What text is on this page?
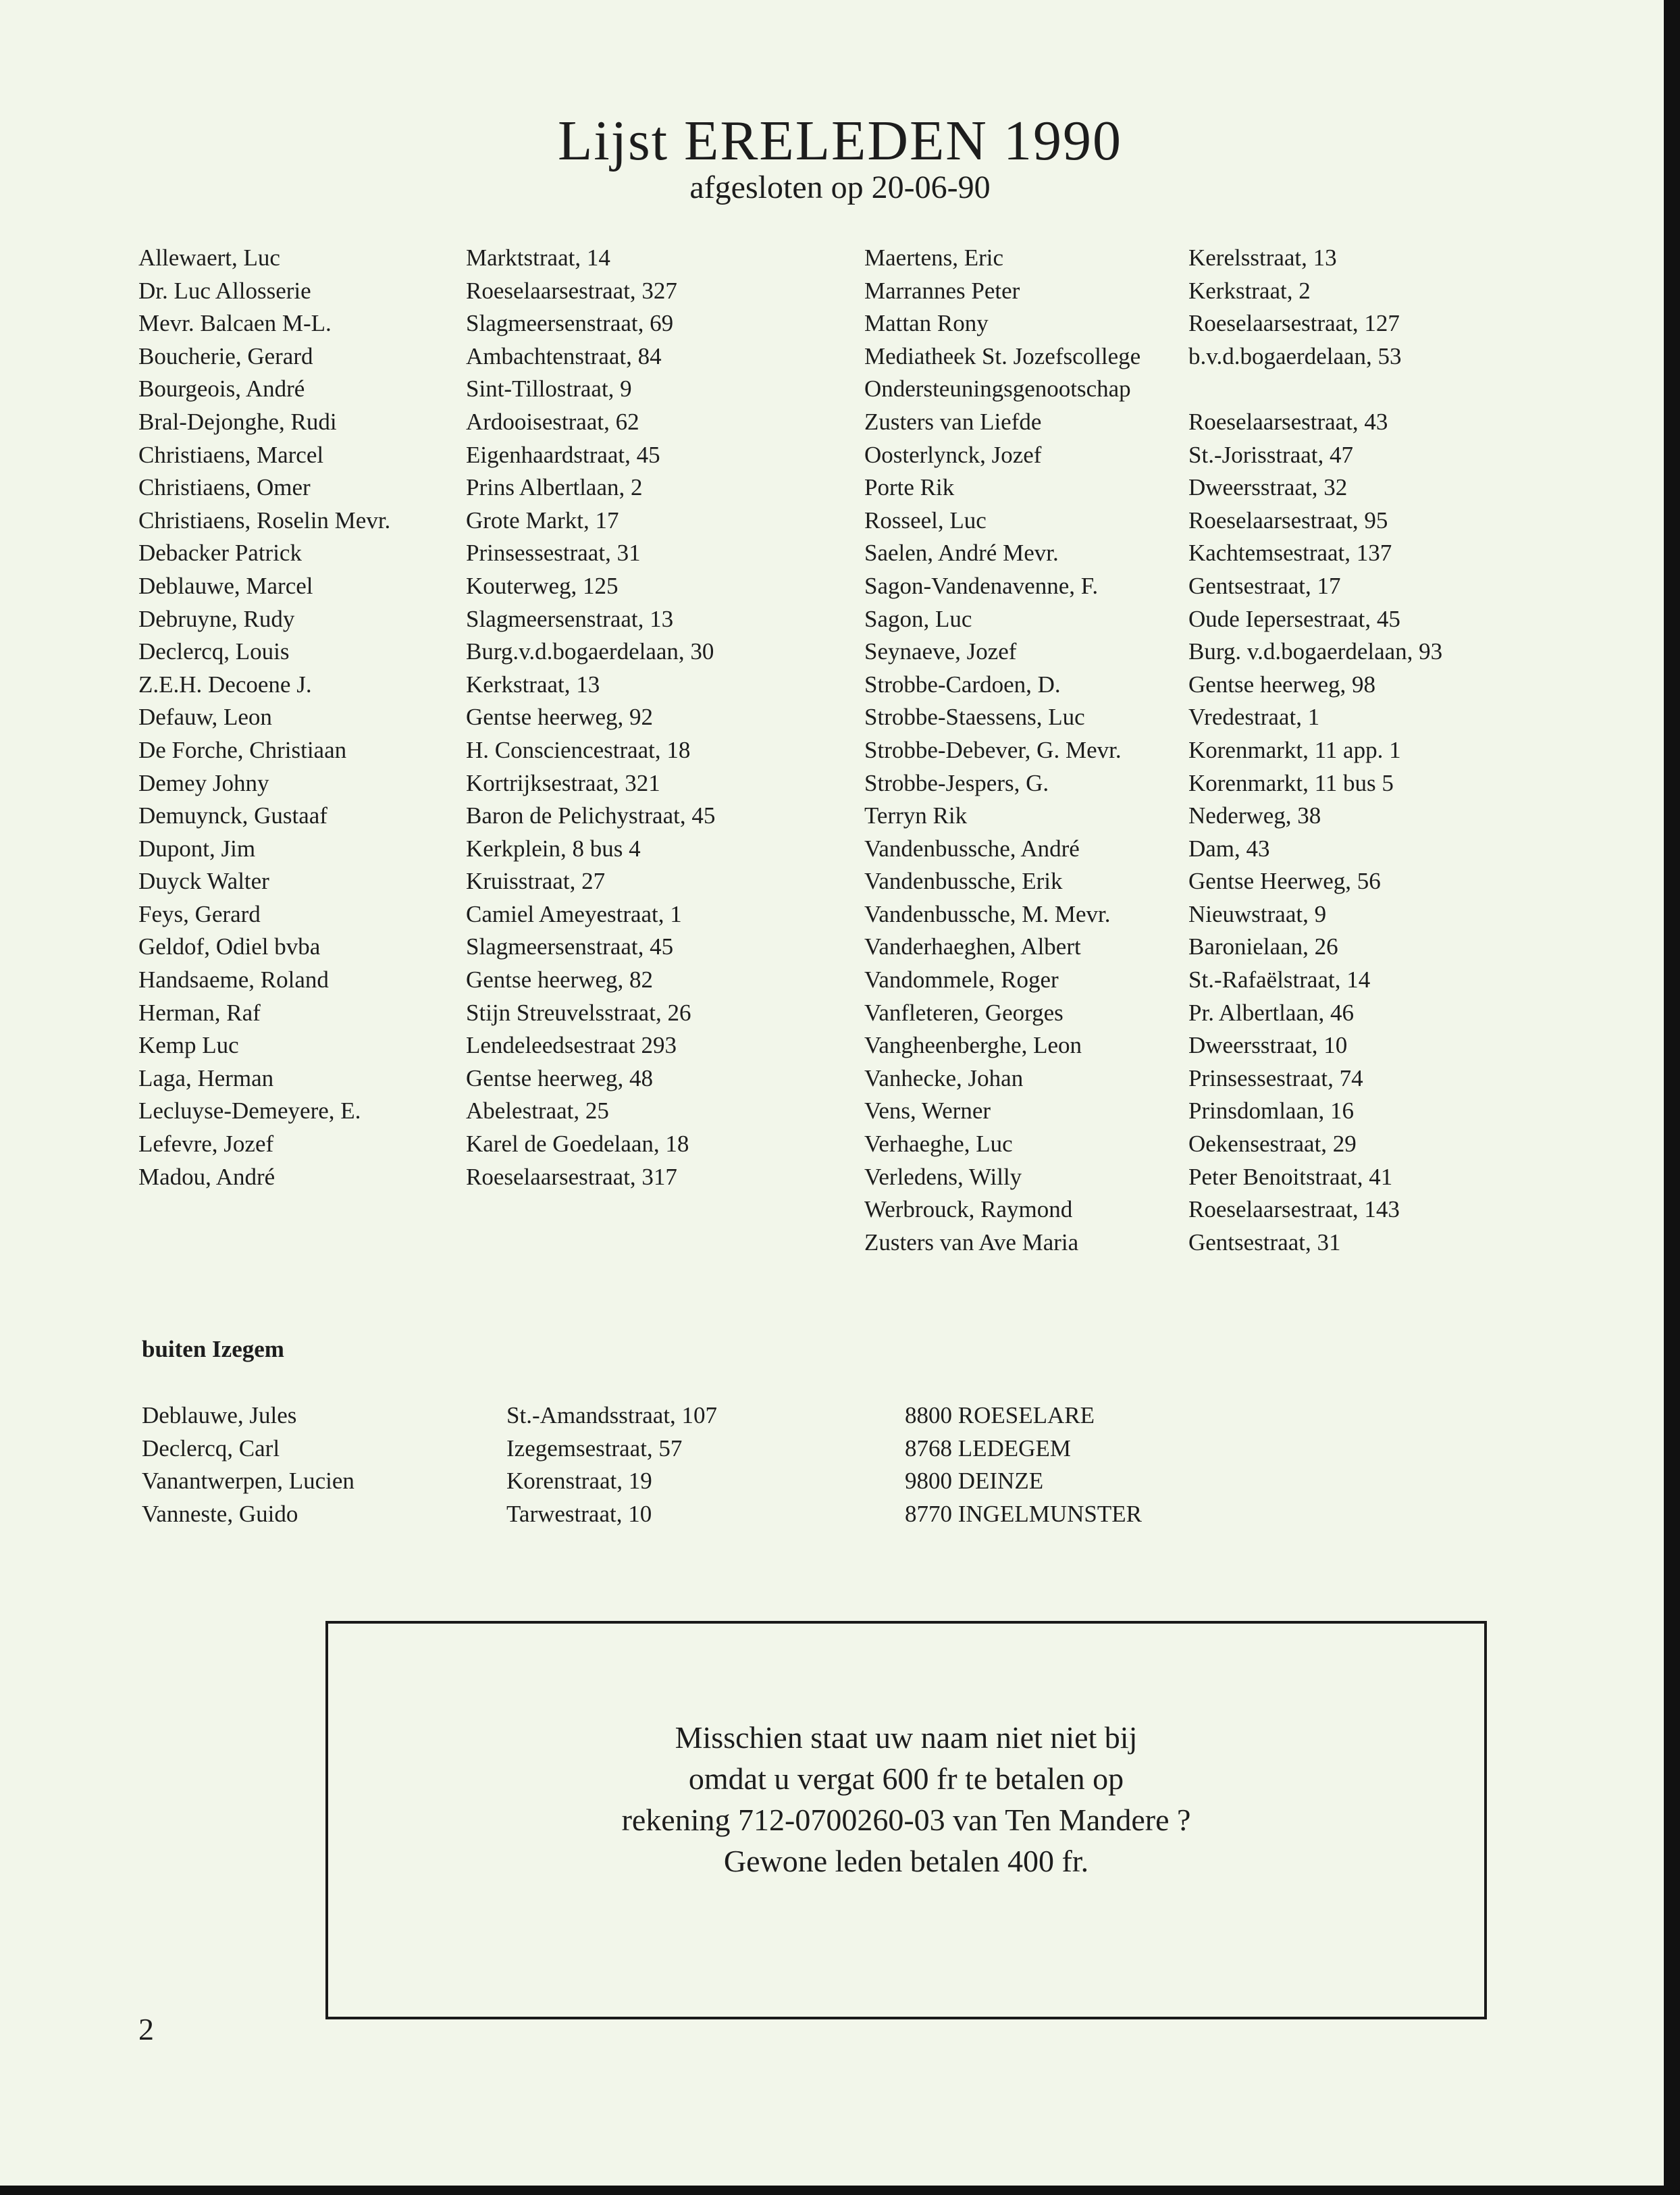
Lijst ERELEDEN 1990
afgesloten op 20-06-90
Allewaert, Luc
Dr. Luc Allosserie
Mevr. Balcaen M-L.
Boucherie, Gerard
Bourgeois, André
Bral-Dejonghe, Rudi
Christiaens, Marcel
Christiaens, Omer
Christiaens, Roselin Mevr.
Debacker Patrick
Deblauwe, Marcel
Debruyne, Rudy
Declercq, Louis
Z.E.H. Decoene J.
Defauw, Leon
De Forche, Christiaan
Demey Johny
Demuynck, Gustaaf
Dupont, Jim
Duyck Walter
Feys, Gerard
Geldof, Odiel bvba
Handsaeme, Roland
Herman, Raf
Kemp Luc
Laga, Herman
Lecluyse-Demeyere, E.
Lefevre, Jozef
Madou, André
Marktstraat, 14
Roeselaarsestraat, 327
Slagmeersenstraat, 69
Ambachtenstraat, 84
Sint-Tillostraat, 9
Ardooisestraat, 62
Eigenhaardstraat, 45
Prins Albertlaan, 2
Grote Markt, 17
Prinsessestraat, 31
Kouterweg, 125
Slagmeersenstraat, 13
Burg.v.d.bogaerdelaan, 30
Kerkstraat, 13
Gentse heerweg, 92
H. Consciencestraat, 18
Kortrijksestraat, 321
Baron de Pelichystraat, 45
Kerkplein, 8 bus 4
Kruisstraat, 27
Camiel Ameyestraat, 1
Slagmeersenstraat, 45
Gentse heerweg, 82
Stijn Streuvelsstraat, 26
Lendeleedsestraat 293
Gentse heerweg, 48
Abelestraat, 25
Karel de Goedelaan, 18
Roeselaarsestraat, 317
Maertens, Eric
Marrannes Peter
Mattan Rony
Mediatheek St. Jozefscollege
Ondersteuningsgenootschap
Zusters van Liefde
Oosterlynck, Jozef
Porte Rik
Rosseel, Luc
Saelen, André Mevr.
Sagon-Vandenavenne, F.
Sagon, Luc
Seynaeve, Jozef
Strobbe-Cardoen, D.
Strobbe-Staessens, Luc
Strobbe-Debever, G. Mevr.
Strobbe-Jespers, G.
Terryn Rik
Vandenbussche, André
Vandenbussche, Erik
Vandenbussche, M. Mevr.
Vanderhaeghen, Albert
Vandommele, Roger
Vanfleteren, Georges
Vangheenberghe, Leon
Vanhecke, Johan
Vens, Werner
Verhaeghe, Luc
Verledens, Willy
Werbrouck, Raymond
Zusters van Ave Maria
Kerelsstraat, 13
Kerkstraat, 2
Roeselaarsestraat, 127
b.v.d.bogaerdelaan, 53
Roeselaarsestraat, 43
St.-Jorisstraat, 47
Dweersstraat, 32
Roeselaarsestraat, 95
Kachtemsestraat, 137
Gentsestraat, 17
Oude Iepersestraat, 45
Burg. v.d.bogaerdelaan, 93
Gentse heerweg, 98
Vredestraat, 1
Korenmarkt, 11 app. 1
Korenmarkt, 11 bus 5
Nederweg, 38
Dam, 43
Gentse Heerweg, 56
Nieuwstraat, 9
Baronielaan, 26
St.-Rafaëlstraat, 14
Pr. Albertlaan, 46
Dweersstraat, 10
Prinsessestraat, 74
Prinsdomlaan, 16
Oekensestraat, 29
Peter Benoitstraat, 41
Roeselaarsestraat, 143
Gentsestraat, 31
buiten Izegem
Deblauwe, Jules
Declercq, Carl
Vanantwerpen, Lucien
Vanneste, Guido
St.-Amandsstraat, 107
Izegemsestraat, 57
Korenstraat, 19
Tarwestraat, 10
8800 ROESELARE
8768 LEDEGEM
9800 DEINZE
8770 INGELMUNSTER
Misschien staat uw naam niet niet bij
omdat u vergat 600 fr te betalen op
rekening 712-0700260-03 van Ten Mandere ?
Gewone leden betalen 400 fr.
2
